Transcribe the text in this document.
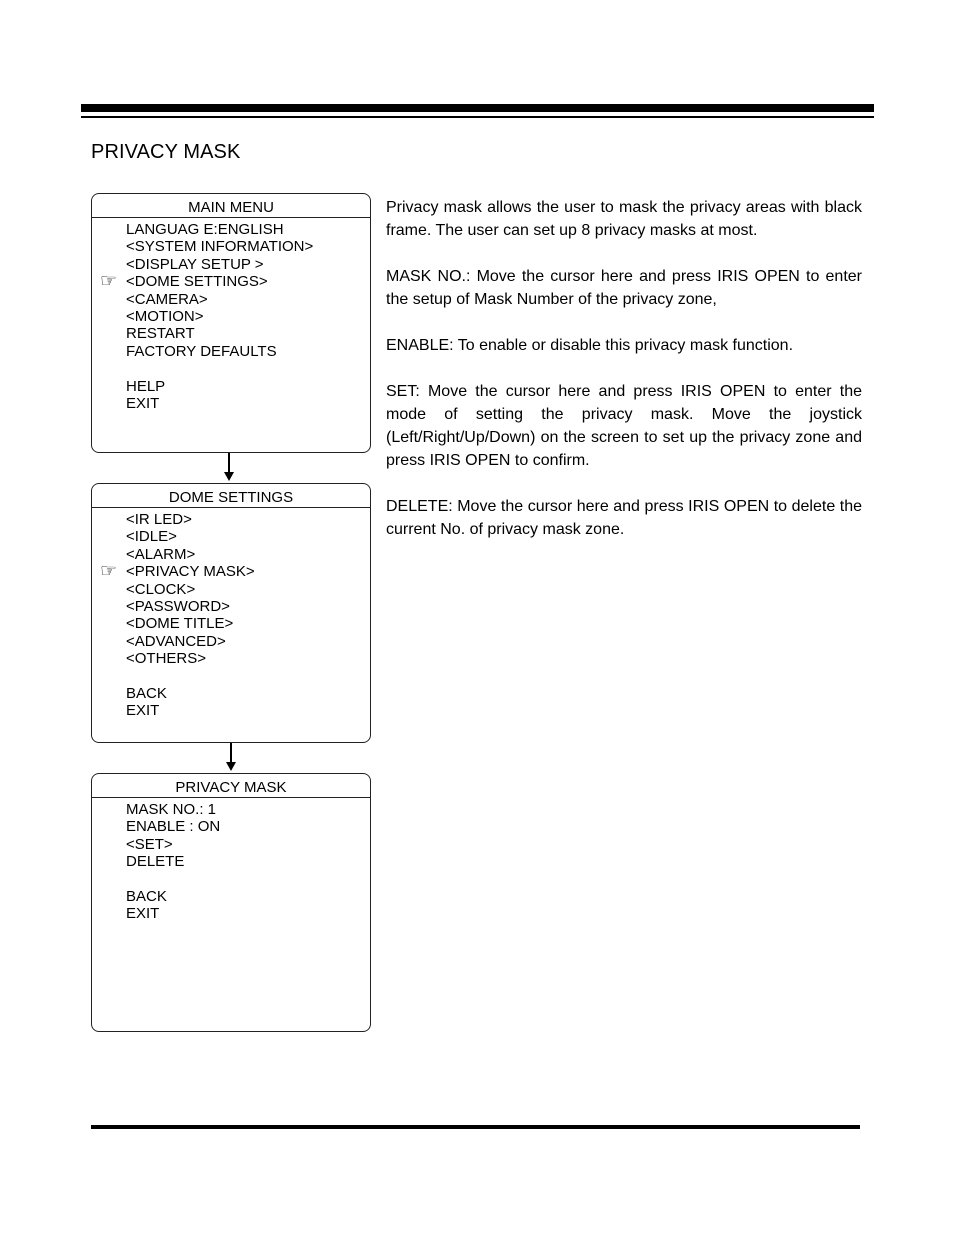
PRIVACY MASK
MAIN MENU
LANGUAG E:ENGLISH
<SYSTEM INFORMATION>
<DISPLAY SETUP >
☞ <DOME SETTINGS>
<CAMERA>
<MOTION>
RESTART
FACTORY DEFAULTS
HELP
EXIT
DOME SETTINGS
<IR LED>
<IDLE>
<ALARM>
☞ <PRIVACY MASK>
<CLOCK>
<PASSWORD>
<DOME TITLE>
<ADVANCED>
<OTHERS>
BACK
EXIT
PRIVACY MASK
MASK NO.: 1
ENABLE : ON
<SET>
DELETE
BACK
EXIT

Privacy mask allows the user to mask the privacy areas with black frame. The user can set up 8 privacy masks at most.

MASK NO.: Move the cursor here and press IRIS OPEN to enter the setup of Mask Number of the privacy zone,

ENABLE: To enable or disable this privacy mask function.

SET: Move the cursor here and press IRIS OPEN to enter the mode of setting the privacy mask. Move the joystick (Left/Right/Up/Down) on the screen to set up the privacy zone and press IRIS OPEN to confirm.

DELETE: Move the cursor here and press IRIS OPEN to delete the current No. of privacy mask zone.
